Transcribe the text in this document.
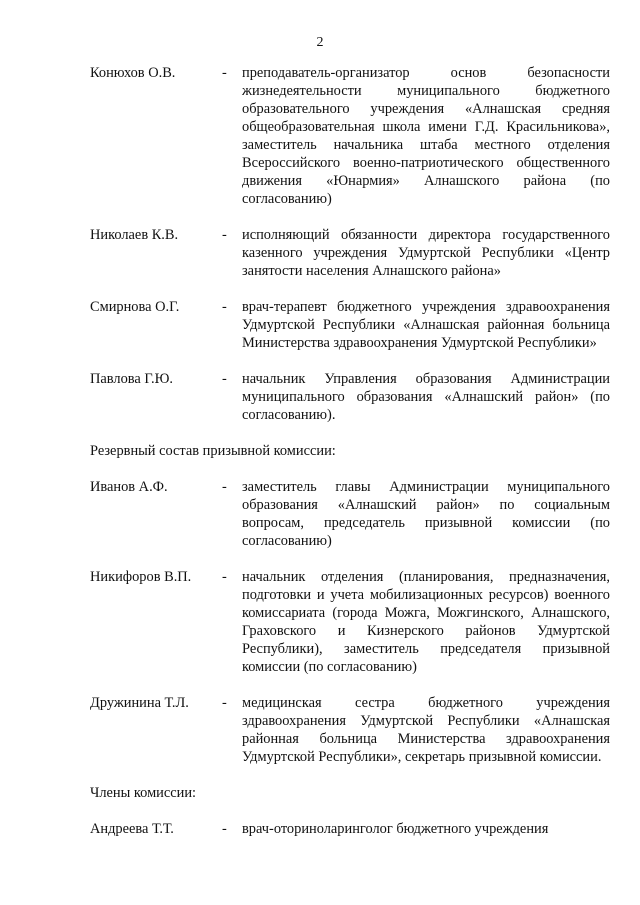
2
Конюхов О.В.	-	преподаватель-организатор основ безопасности жизнедеятельности муниципального бюджетного образовательного учреждения «Алнашская средняя общеобразовательная школа имени Г.Д. Красильникова», заместитель начальника штаба местного отделения Всероссийского военно-патриотического общественного движения «Юнармия» Алнашского района (по согласованию)
Николаев К.В.	-	исполняющий обязанности директора государственного казенного учреждения Удмуртской Республики «Центр занятости населения Алнашского района»
Смирнова О.Г.	-	врач-терапевт бюджетного учреждения здравоохранения Удмуртской Республики «Алнашская районная больница Министерства здравоохранения Удмуртской Республики»
Павлова Г.Ю.	-	начальник Управления образования Администрации муниципального образования «Алнашский район» (по согласованию).
Резервный состав призывной комиссии:
Иванов А.Ф.	-	заместитель главы Администрации муниципального образования «Алнашский район» по социальным вопросам, председатель призывной комиссии (по согласованию)
Никифоров В.П.	-	начальник отделения (планирования, предназначения, подготовки и учета мобилизационных ресурсов) военного комиссариата (города Можга, Можгинского, Алнашского, Граховского и Кизнерского районов Удмуртской Республики), заместитель председателя призывной комиссии (по согласованию)
Дружинина Т.Л.	-	медицинская сестра бюджетного учреждения здравоохранения Удмуртской Республики «Алнашская районная больница Министерства здравоохранения Удмуртской Республики», секретарь призывной комиссии.
Члены комиссии:
Андреева Т.Т.	-	врач-оториноларинголог бюджетного учреждения
